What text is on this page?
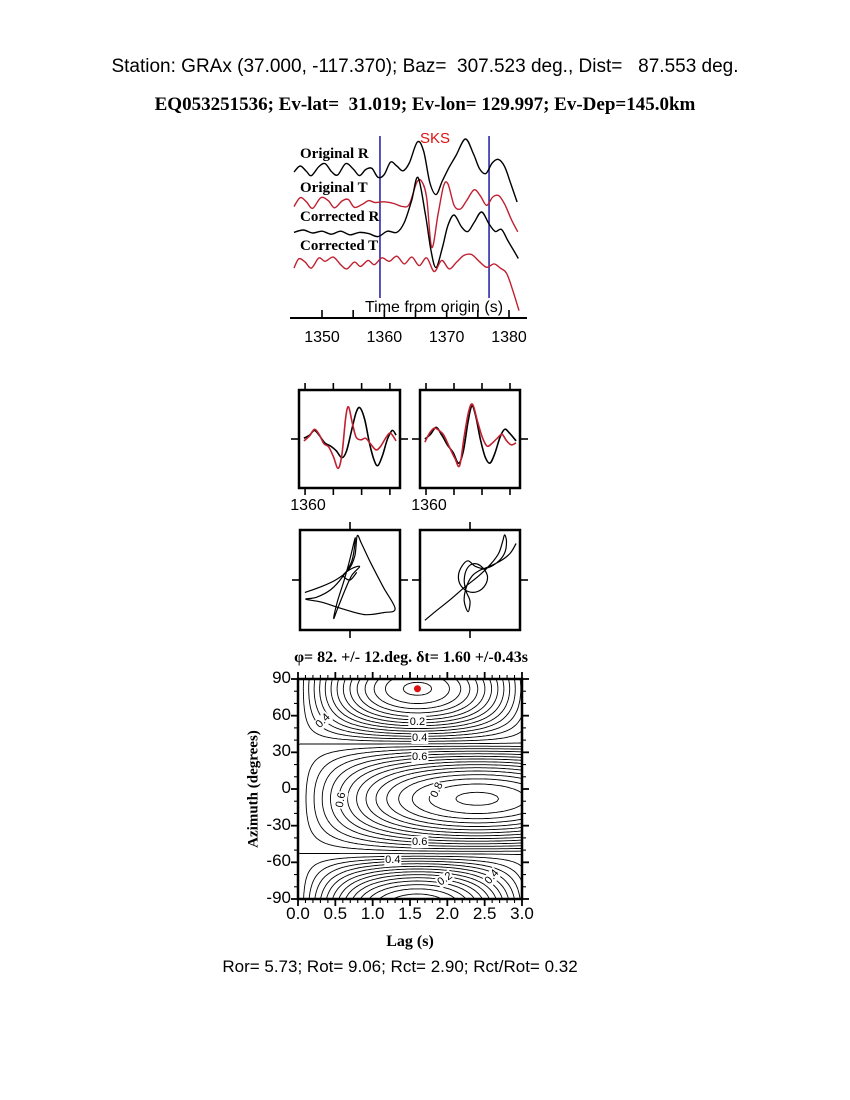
Station: GRAx (37.000, -117.370); Baz=  307.523 deg., Dist=   87.553 deg.
EQ053251536; Ev-lat=  31.019; Ev-lon= 129.997; Ev-Dep=145.0km
SKS
Original R
Original T
Corrected R
Corrected T
Time from origin (s)
1360	1360
φ= 82. +/- 12.deg. δt= 1.60 +/-0.43s
Azimuth (degrees)
Lag (s)
Ror= 5.73; Rot= 9.06; Rct= 2.90; Rct/Rot= 0.32
1350 1360 1370 1380
0.0 0.5 1.0 1.5 2.0 2.5 3.0
90
60
30
0
-30
-60
-90
0.4	0.2
0.4
0.6
0.6
0.8
0.6
0.4
0.2	0.4
